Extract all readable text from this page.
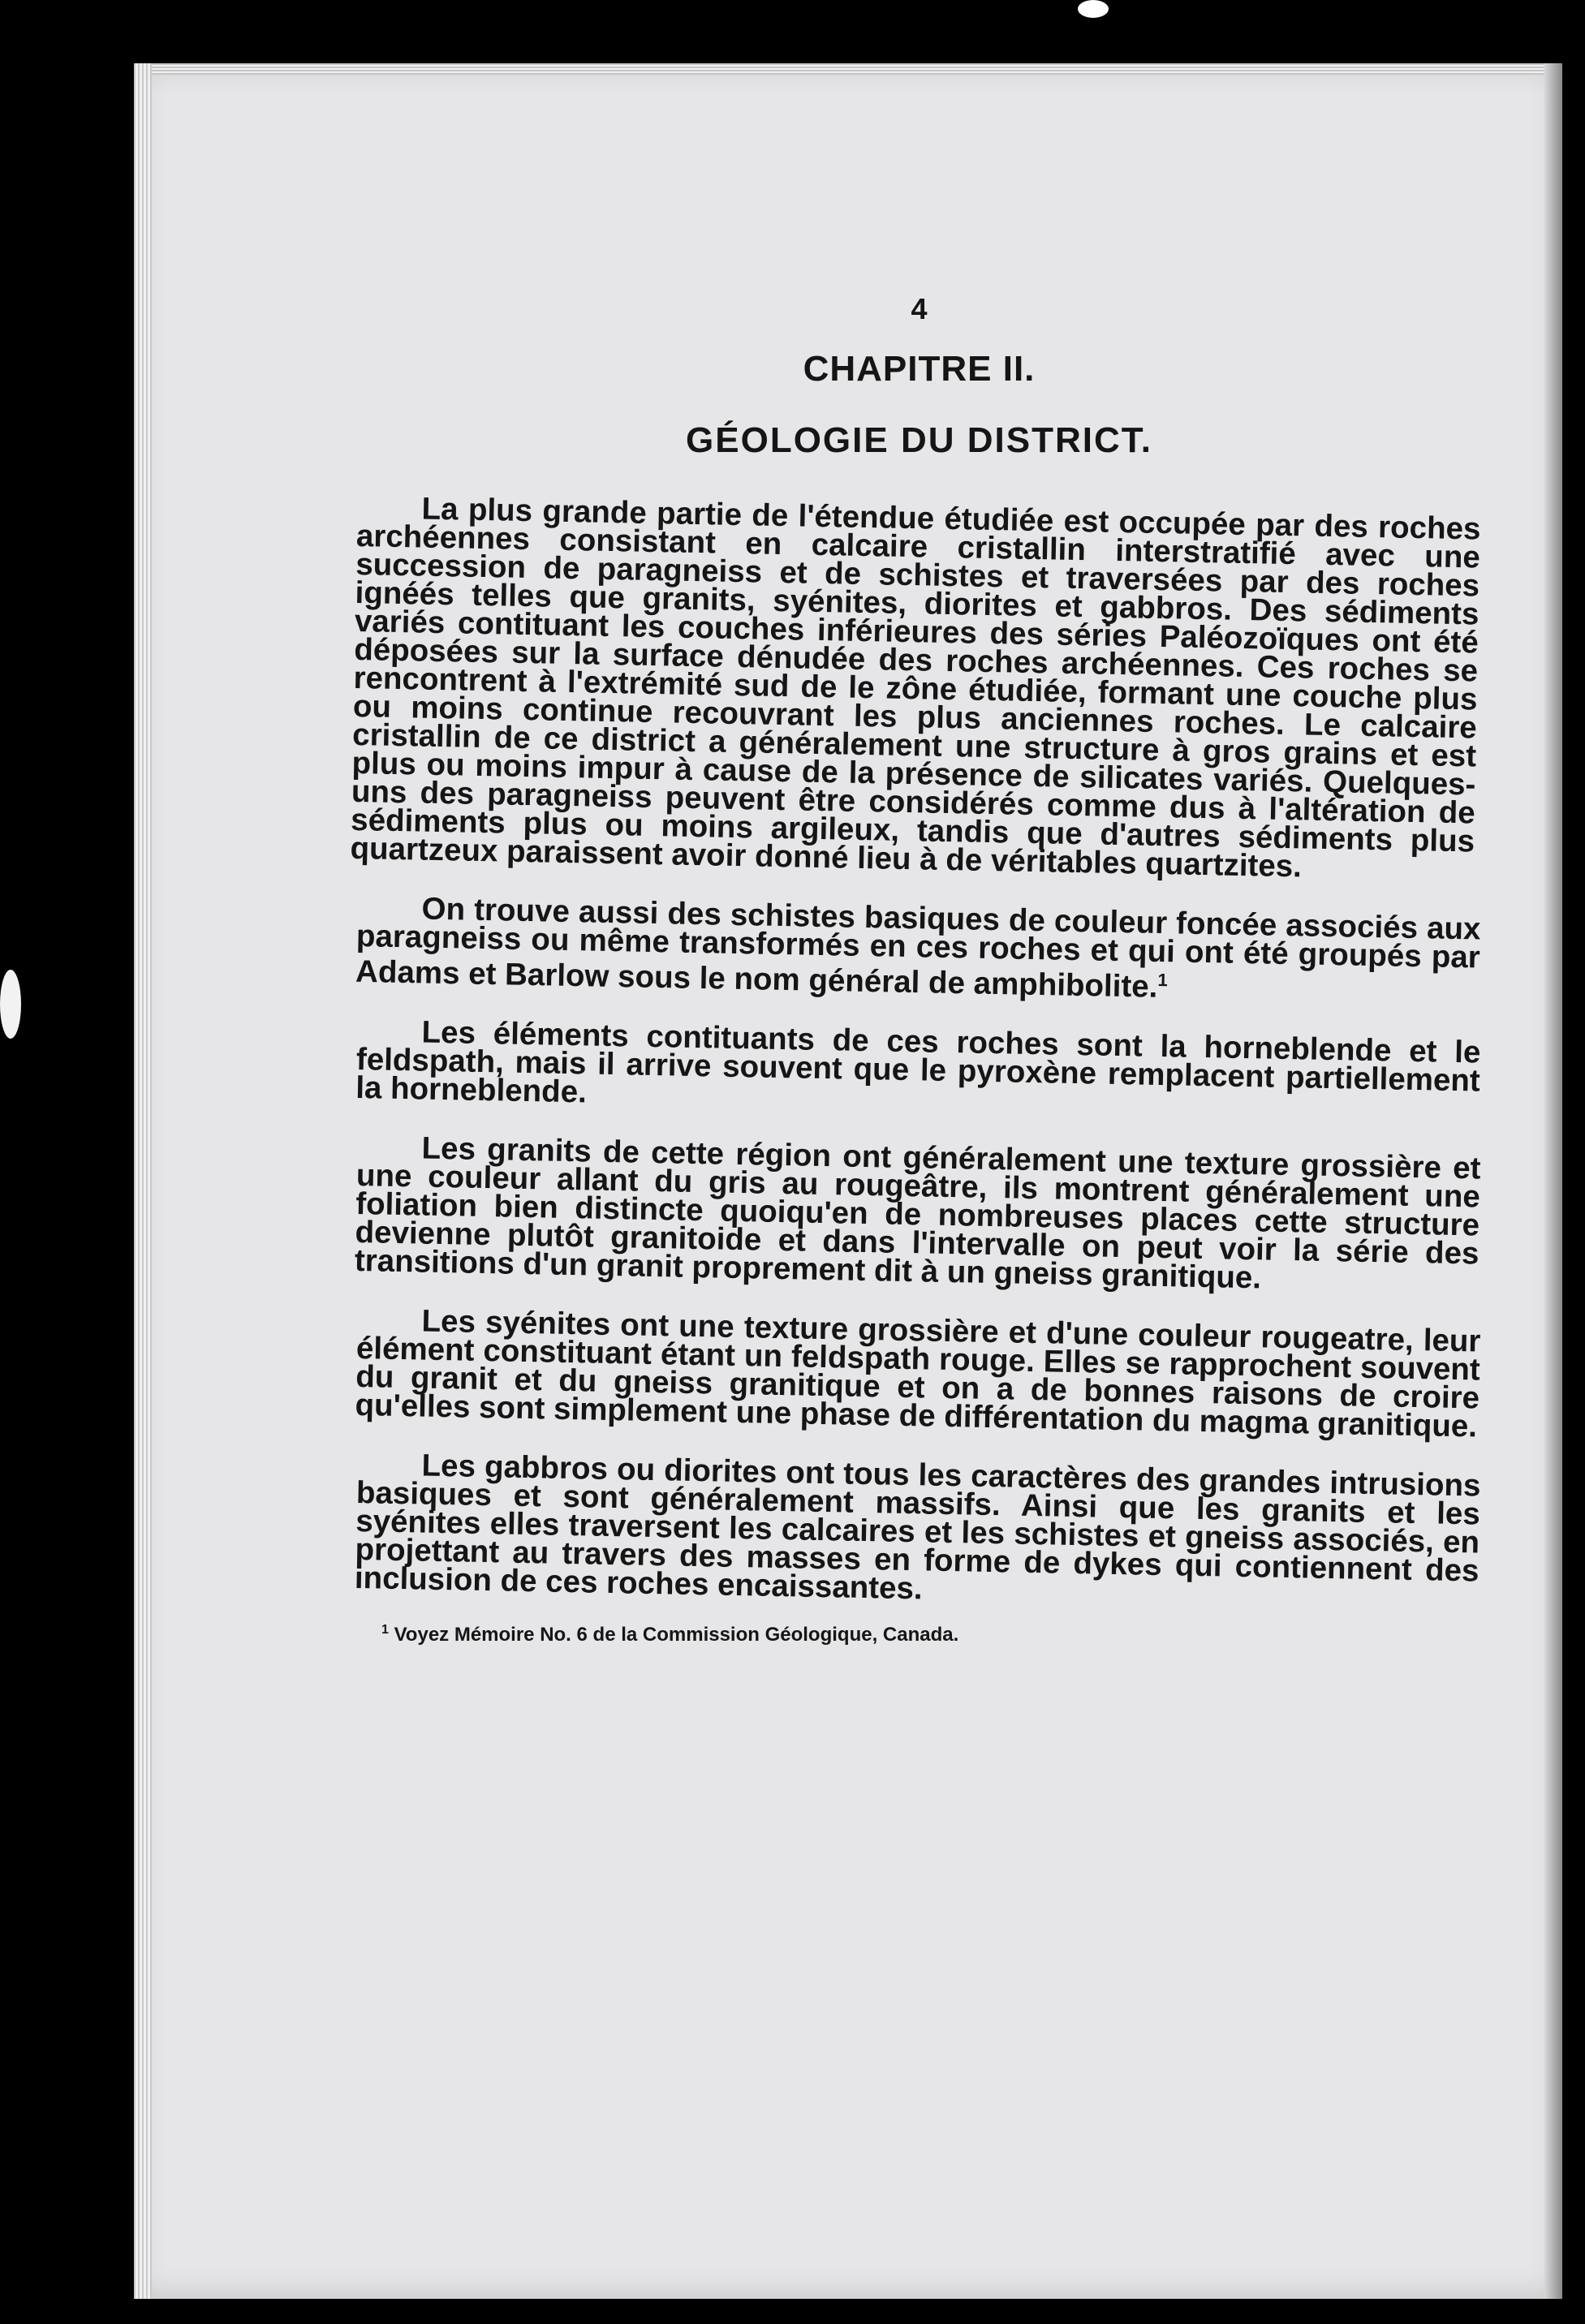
4
CHAPITRE II.
GÉOLOGIE DU DISTRICT.

La plus grande partie de l'étendue étudiée est occupée par des roches archéennes consistant en calcaire cristallin interstratifié avec une succession de paragneiss et de schistes et traversées par des roches ignéés telles que granits, syénites, diorites et gabbros. Des sédiments variés contituant les couches inférieures des séries Paléozoïques ont été déposées sur la surface dénudée des roches archéennes. Ces roches se rencontrent à l'extrémité sud de le zône étudiée, formant une couche plus ou moins continue recouvrant les plus anciennes roches. Le calcaire cristallin de ce district a généralement une structure à gros grains et est plus ou moins impur à cause de la présence de silicates variés. Quelques-uns des paragneiss peuvent être considérés comme dus à l'altération de sédiments plus ou moins argileux, tandis que d'autres sédiments plus quartzeux paraissent avoir donné lieu à de véritables quartzites.

On trouve aussi des schistes basiques de couleur foncée associés aux paragneiss ou même transformés en ces roches et qui ont été groupés par Adams et Barlow sous le nom général de amphibolite.$^1$

Les éléments contituants de ces roches sont la horneblende et le feldspath, mais il arrive souvent que le pyroxène remplacent partiellement la horneblende.

Les granits de cette région ont généralement une texture grossière et une couleur allant du gris au rougeâtre, ils montrent généralement une foliation bien distincte quoiqu'en de nombreuses places cette structure devienne plutôt granitoide et dans l'intervalle on peut voir la série des transitions d'un granit proprement dit à un gneiss granitique.

Les syénites ont une texture grossière et d'une couleur rougeatre, leur élément constituant étant un feldspath rouge. Elles se rapprochent souvent du granit et du gneiss granitique et on a de bonnes raisons de croire qu'elles sont simplement une phase de différentation du magma granitique.

Les gabbros ou diorites ont tous les caractères des grandes intrusions basiques et sont généralement massifs. Ainsi que les granits et les syénites elles traversent les calcaires et les schistes et gneiss associés, en projettant au travers des masses en forme de dykes qui contiennent des inclusion de ces roches encaissantes.

$^1$ Voyez Mémoire No. 6 de la Commission Géologique, Canada.
